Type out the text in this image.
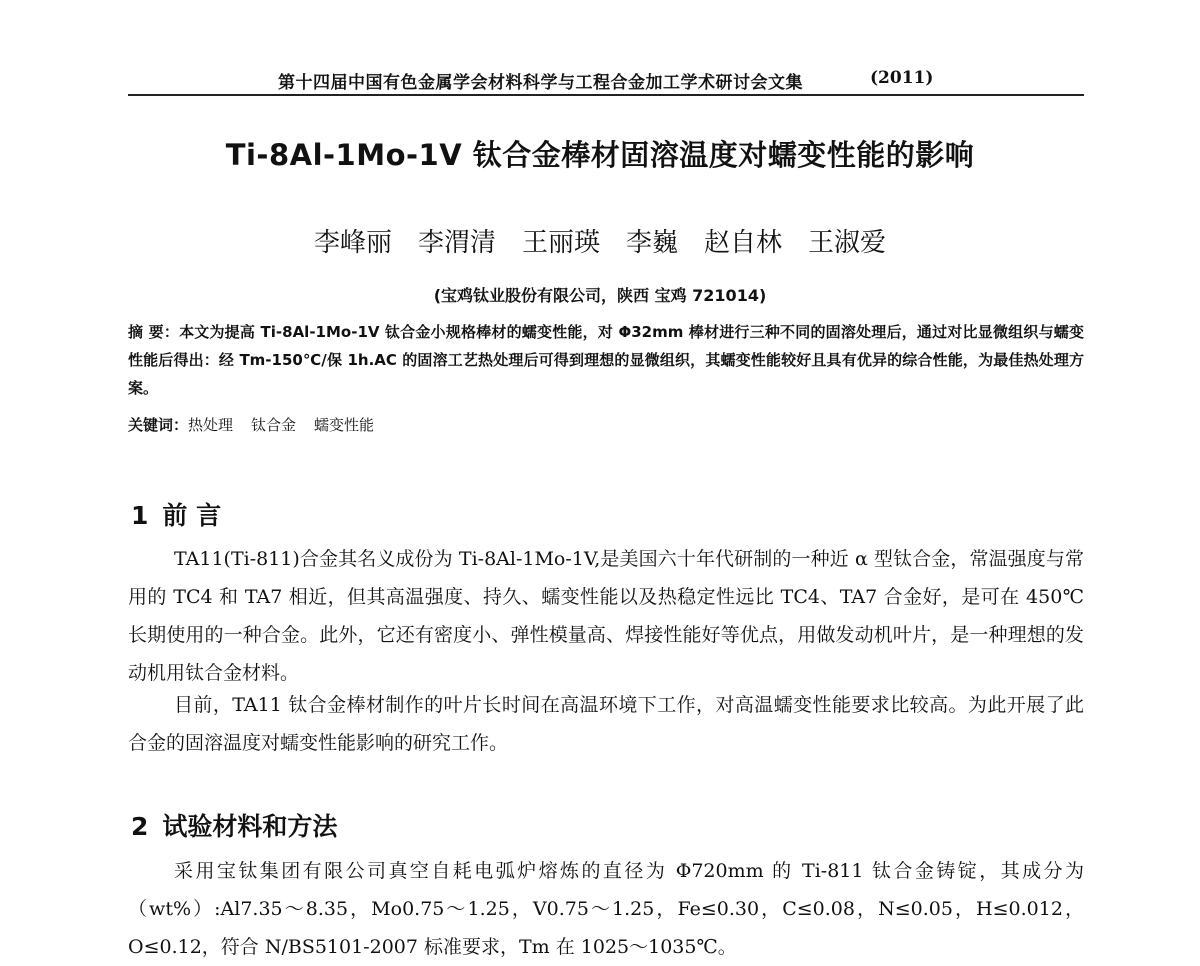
第十四届中国有色金属学会材料科学与工程合金加工学术研讨会文集	(2011)
Ti-8Al-1Mo-1V 钛合金棒材固溶温度对蠕变性能的影响
李峰丽 李渭清 王丽瑛 李巍 赵自林 王淑爱
(宝鸡钛业股份有限公司，陕西 宝鸡 721014)
摘 要：本文为提高 Ti-8Al-1Mo-1V 钛合金小规格棒材的蠕变性能，对 Φ32mm 棒材进行三种不同的固溶处理后，通过对比显微组织与蠕变性能后得出：经 Tm-150℃/保 1h.AC 的固溶工艺热处理后可得到理想的显微组织，其蠕变性能较好且具有优异的综合性能，为最佳热处理方案。
关键词：热处理 钛合金 蠕变性能
1 前 言
TA11(Ti-811)合金其名义成份为 Ti-8Al-1Mo-1V,是美国六十年代研制的一种近 α 型钛合金，常温强度与常用的 TC4 和 TA7 相近，但其高温强度、持久、蠕变性能以及热稳定性远比 TC4、TA7 合金好，是可在 450℃长期使用的一种合金。此外，它还有密度小、弹性模量高、焊接性能好等优点，用做发动机叶片，是一种理想的发动机用钛合金材料。
目前，TA11 钛合金棒材制作的叶片长时间在高温环境下工作，对高温蠕变性能要求比较高。为此开展了此合金的固溶温度对蠕变性能影响的研究工作。
2 试验材料和方法
采用宝钛集团有限公司真空自耗电弧炉熔炼的直径为 Φ720mm 的 Ti-811 钛合金铸锭，其成分为（wt%）:Al7.35～8.35，Mo0.75～1.25，V0.75～1.25，Fe≤0.30，C≤0.08，N≤0.05，H≤0.012，O≤0.12，符合 N/BS5101-2007 标准要求，Tm 在 1025～1035℃。
